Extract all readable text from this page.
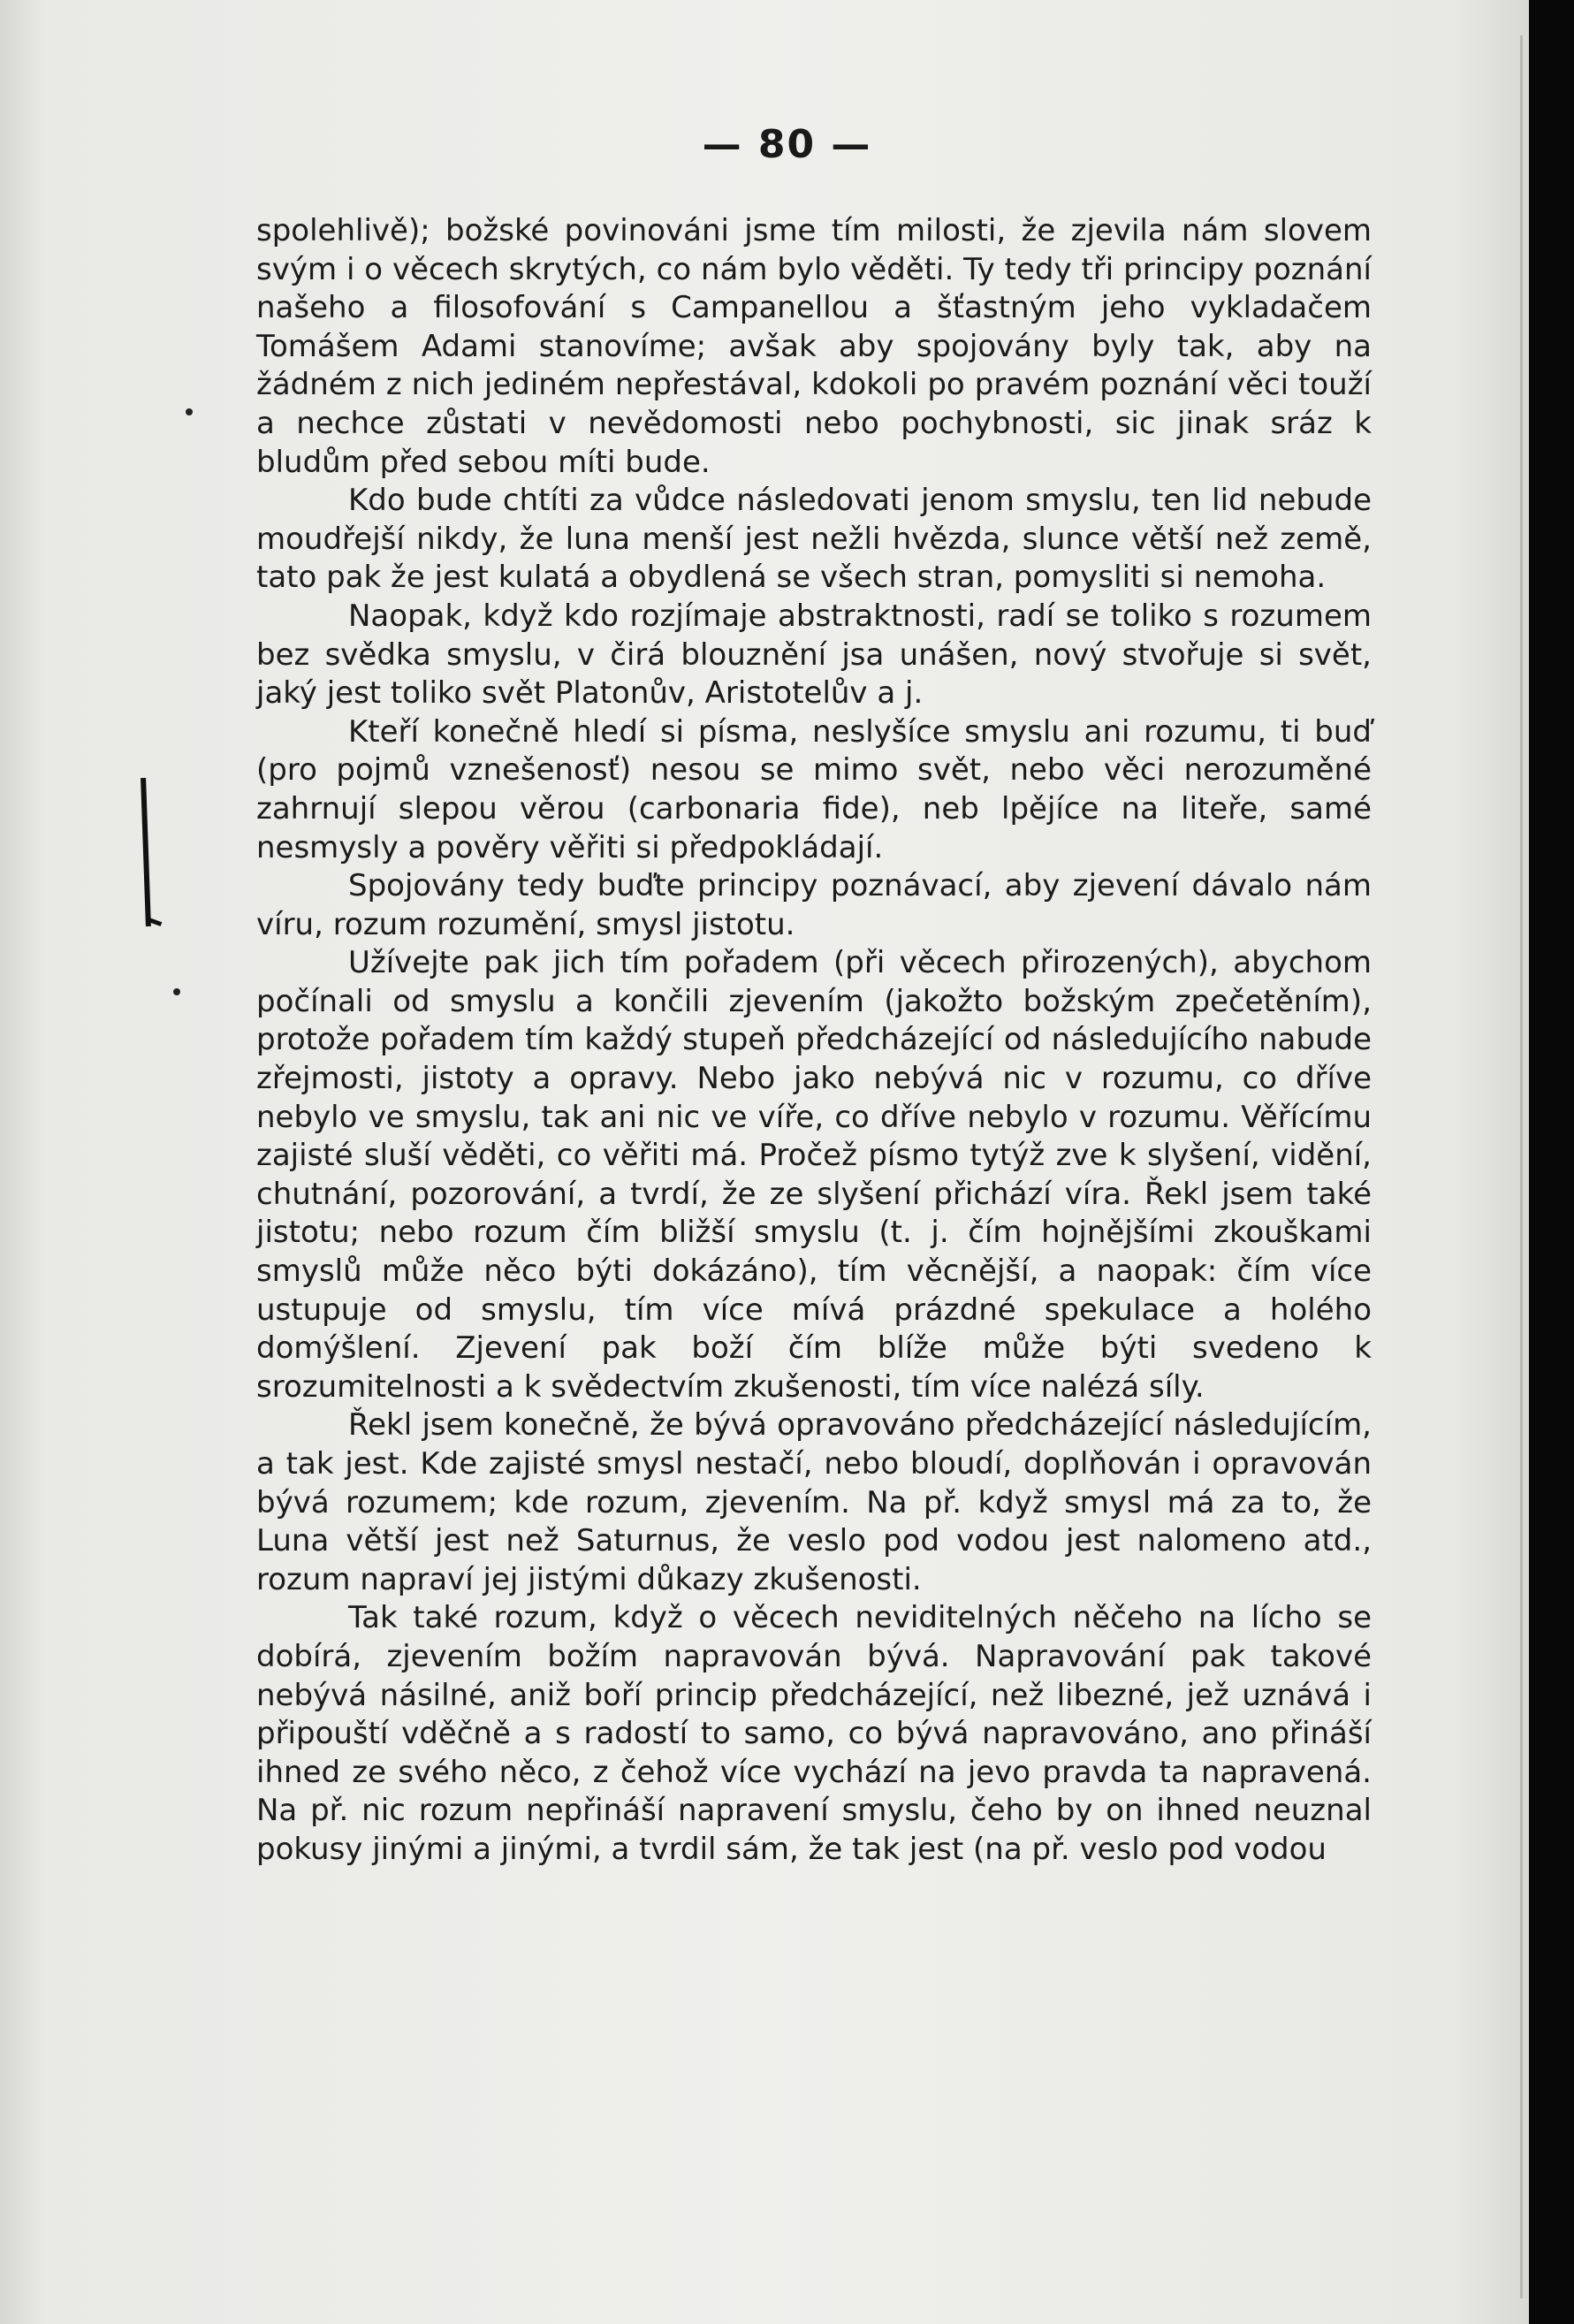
— 80 —

spolehlivě); božské povinováni jsme tím milosti, že zjevila nám slovem svým i o věcech skrytých, co nám bylo věděti. Ty tedy tři principy poznání našeho a filosofování s Campanellou a šťastným jeho vykladačem Tomášem Adami stanovíme; avšak aby spojovány byly tak, aby na žádném z nich jediném nepřestával, kdokoli po pravém poznání věci touží a nechce zůstati v nevědomosti nebo pochybnosti, sic jinak sráz k bludům před sebou míti bude.

Kdo bude chtíti za vůdce následovati jenom smyslu, ten lid nebude moudřejší nikdy, že luna menší jest nežli hvězda, slunce větší než země, tato pak že jest kulatá a obydlená se všech stran, pomysliti si nemoha.

Naopak, když kdo rozjímaje abstraktnosti, radí se toliko s rozumem bez svědka smyslu, v čirá blouznění jsa unášen, nový stvořuje si svět, jaký jest toliko svět Platonův, Aristotelův a j.

Kteří konečně hledí si písma, neslyšíce smyslu ani rozumu, ti buď (pro pojmů vznešenosť) nesou se mimo svět, nebo věci nerozuměné zahrnují slepou věrou (carbonaria fide), neb lpějíce na liteře, samé nesmysly a pověry věřiti si předpokládají.

Spojovány tedy buďte principy poznávací, aby zjevení dávalo nám víru, rozum rozumění, smysl jistotu.

Užívejte pak jich tím pořadem (při věcech přirozených), abychom počínali od smyslu a končili zjevením (jakožto božským zpečetěním), protože pořadem tím každý stupeň předcházející od následujícího nabude zřejmosti, jistoty a opravy. Nebo jako nebývá nic v rozumu, co dříve nebylo ve smyslu, tak ani nic ve víře, co dříve nebylo v rozumu. Věřícímu zajisté sluší věděti, co věřiti má. Pročež písmo tytýž zve k slyšení, vidění, chutnání, pozorování, a tvrdí, že ze slyšení přichází víra. Řekl jsem také jistotu; nebo rozum čím bližší smyslu (t. j. čím hojnějšími zkouškami smyslů může něco býti dokázáno), tím věcnější, a naopak: čím více ustupuje od smyslu, tím více mívá prázdné spekulace a holého domýšlení. Zjevení pak boží čím blíže může býti svedeno k srozumitelnosti a k svědectvím zkušenosti, tím více nalézá síly.

Řekl jsem konečně, že bývá opravováno předcházející následujícím, a tak jest. Kde zajisté smysl nestačí, nebo bloudí, doplňován i opravován bývá rozumem; kde rozum, zjevením. Na př. když smysl má za to, že Luna větší jest než Saturnus, že veslo pod vodou jest nalomeno atd., rozum napraví jej jistými důkazy zkušenosti.

Tak také rozum, když o věcech neviditelných něčeho na lícho se dobírá, zjevením božím napravován bývá. Napravování pak takové nebývá násilné, aniž boří princip předcházející, než libezné, jež uznává i připouští vděčně a s radostí to samo, co bývá napravováno, ano přináší ihned ze svého něco, z čehož více vychází na jevo pravda ta napravená. Na př. nic rozum nepřináší napravení smyslu, čeho by on ihned neuznal pokusy jinými a jinými, a tvrdil sám, že tak jest (na př. veslo pod vodou
